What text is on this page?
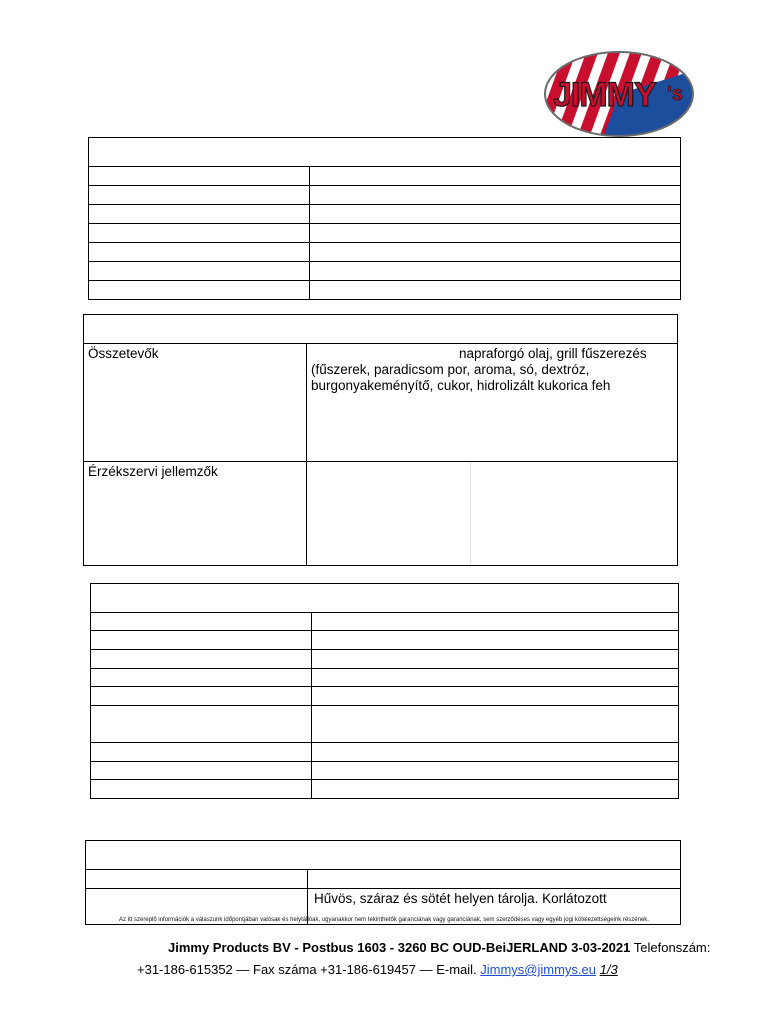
JIMMY 's

Összetevők	napraforgó olaj, grill fűszerezés (fűszerek, paradicsom por, aroma, só, dextróz, burgonyakeményítő, cukor, hidrolizált kukorica feh	

Érzékszervi jellemzők		

	Hűvös, száraz és sötét helyen tárolja. Korlátozott
Az itt szereplő információk a válaszunk időpontjában valósak és helytállóak, ugyanakkor nem tekinthetők garanciának vagy garanciának, sem szerződéses vagy egyéb jogi kötelezettségeink részének.
Jimmy Products BV - Postbus 1603 - 3260 BC OUD-BeiJERLAND 3-03-2021 Telefonszám:
+31-186-615352 — Fax száma +31-186-619457 — E-mail. Jimmys@jimmys.eu 1/3
